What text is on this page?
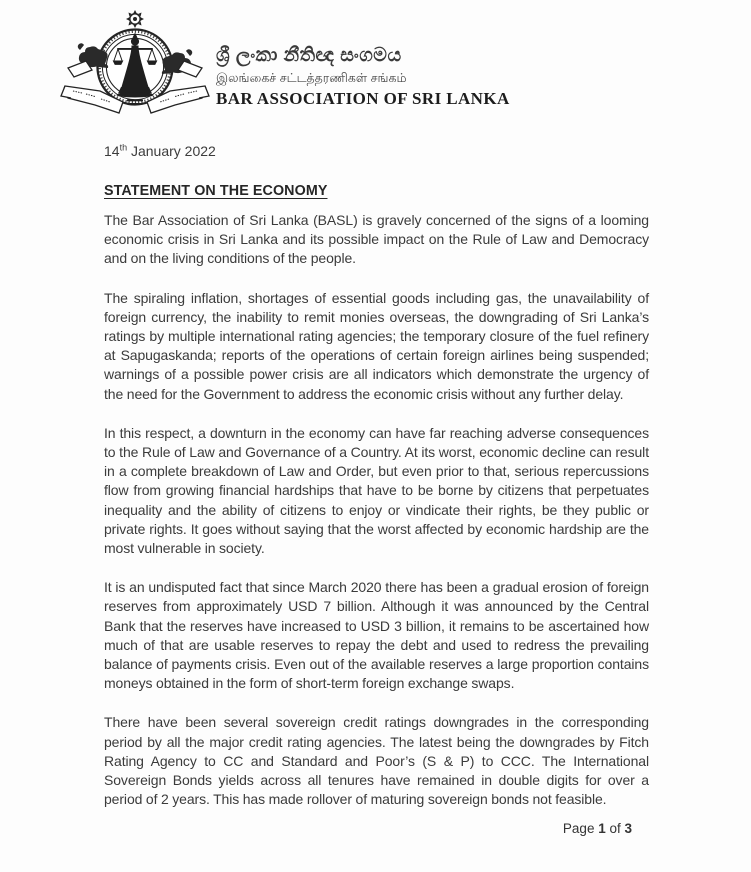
ශ්‍රී ලංකා නීතිඥ සංගමය
இலங்கைச் சட்டத்தரணிகள் சங்கம்
BAR ASSOCIATION OF SRI LANKA
14th January 2022
STATEMENT ON THE ECONOMY

The Bar Association of Sri Lanka (BASL) is gravely concerned of the signs of a looming economic crisis in Sri Lanka and its possible impact on the Rule of Law and Democracy and on the living conditions of the people.

The spiraling inflation, shortages of essential goods including gas, the unavailability of foreign currency, the inability to remit monies overseas, the downgrading of Sri Lanka’s ratings by multiple international rating agencies; the temporary closure of the fuel refinery at Sapugaskanda; reports of the operations of certain foreign airlines being suspended; warnings of a possible power crisis are all indicators which demonstrate the urgency of the need for the Government to address the economic crisis without any further delay.

In this respect, a downturn in the economy can have far reaching adverse consequences to the Rule of Law and Governance of a Country. At its worst, economic decline can result in a complete breakdown of Law and Order, but even prior to that, serious repercussions flow from growing financial hardships that have to be borne by citizens that perpetuates inequality and the ability of citizens to enjoy or vindicate their rights, be they public or private rights. It goes without saying that the worst affected by economic hardship are the most vulnerable in society.

It is an undisputed fact that since March 2020 there has been a gradual erosion of foreign reserves from approximately USD 7 billion. Although it was announced by the Central Bank that the reserves have increased to USD 3 billion, it remains to be ascertained how much of that are usable reserves to repay the debt and used to redress the prevailing balance of payments crisis. Even out of the available reserves a large proportion contains moneys obtained in the form of short-term foreign exchange swaps.

There have been several sovereign credit ratings downgrades in the corresponding period by all the major credit rating agencies. The latest being the downgrades by Fitch Rating Agency to CC and Standard and Poor’s (S & P) to CCC. The International Sovereign Bonds yields across all tenures have remained in double digits for over a period of 2 years. This has made rollover of maturing sovereign bonds not feasible.

Page 1 of 3
